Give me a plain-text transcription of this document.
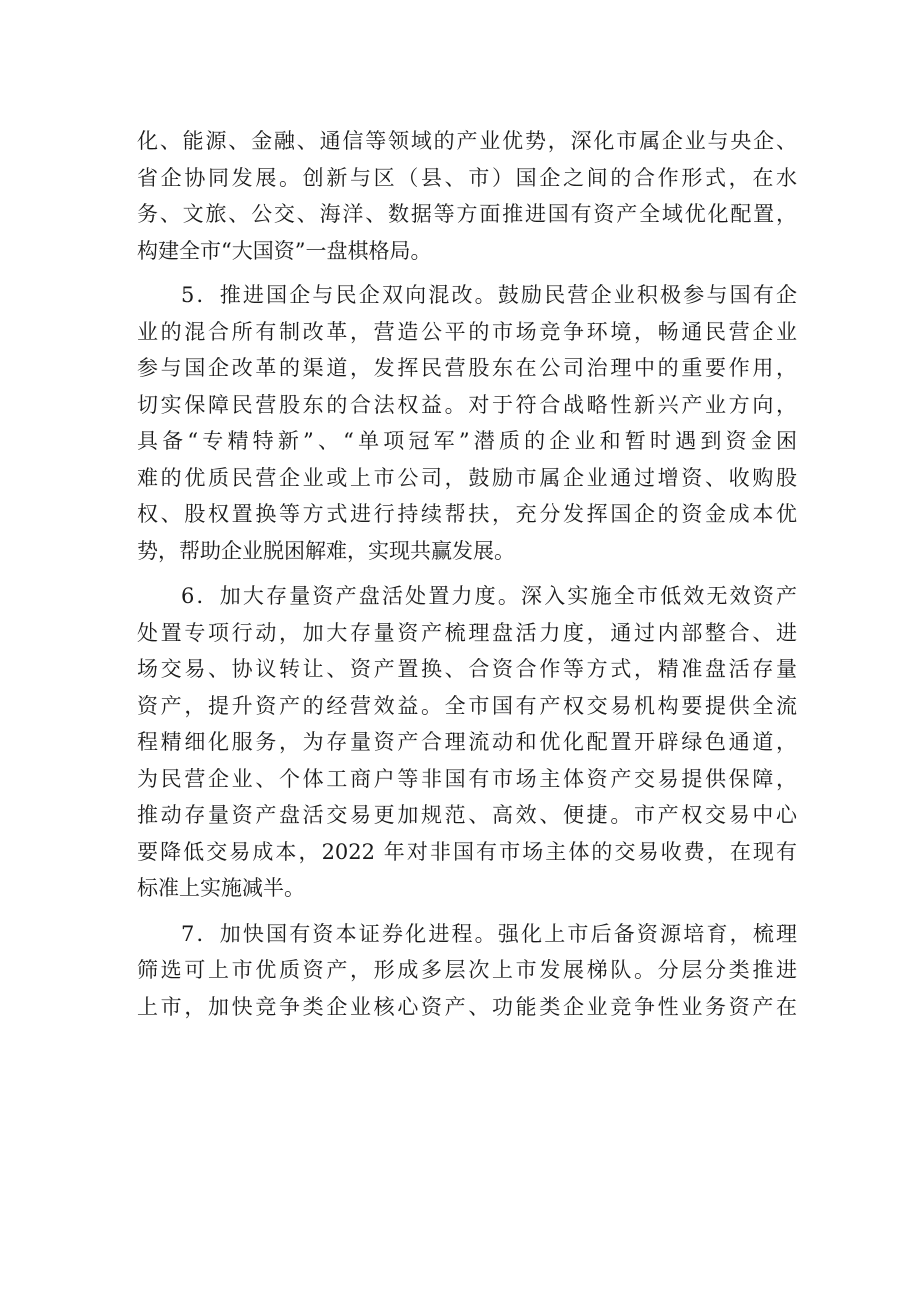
化、能源、金融、通信等领域的产业优势，深化市属企业与央企、
省企协同发展。创新与区（县、市）国企之间的合作形式，在水
务、文旅、公交、海洋、数据等方面推进国有资产全域优化配置，
构建全市“大国资”一盘棋格局。
5．推进国企与民企双向混改。鼓励民营企业积极参与国有企
业的混合所有制改革，营造公平的市场竞争环境，畅通民营企业
参与国企改革的渠道，发挥民营股东在公司治理中的重要作用，
切实保障民营股东的合法权益。对于符合战略性新兴产业方向，
具备“专精特新”、“单项冠军”潜质的企业和暂时遇到资金困
难的优质民营企业或上市公司，鼓励市属企业通过增资、收购股
权、股权置换等方式进行持续帮扶，充分发挥国企的资金成本优
势，帮助企业脱困解难，实现共赢发展。
6．加大存量资产盘活处置力度。深入实施全市低效无效资产
处置专项行动，加大存量资产梳理盘活力度，通过内部整合、进
场交易、协议转让、资产置换、合资合作等方式，精准盘活存量
资产，提升资产的经营效益。全市国有产权交易机构要提供全流
程精细化服务，为存量资产合理流动和优化配置开辟绿色通道，
为民营企业、个体工商户等非国有市场主体资产交易提供保障，
推动存量资产盘活交易更加规范、高效、便捷。市产权交易中心
要降低交易成本，2022 年对非国有市场主体的交易收费，在现有
标准上实施减半。
7．加快国有资本证券化进程。强化上市后备资源培育，梳理
筛选可上市优质资产，形成多层次上市发展梯队。分层分类推进
上市，加快竞争类企业核心资产、功能类企业竞争性业务资产在
